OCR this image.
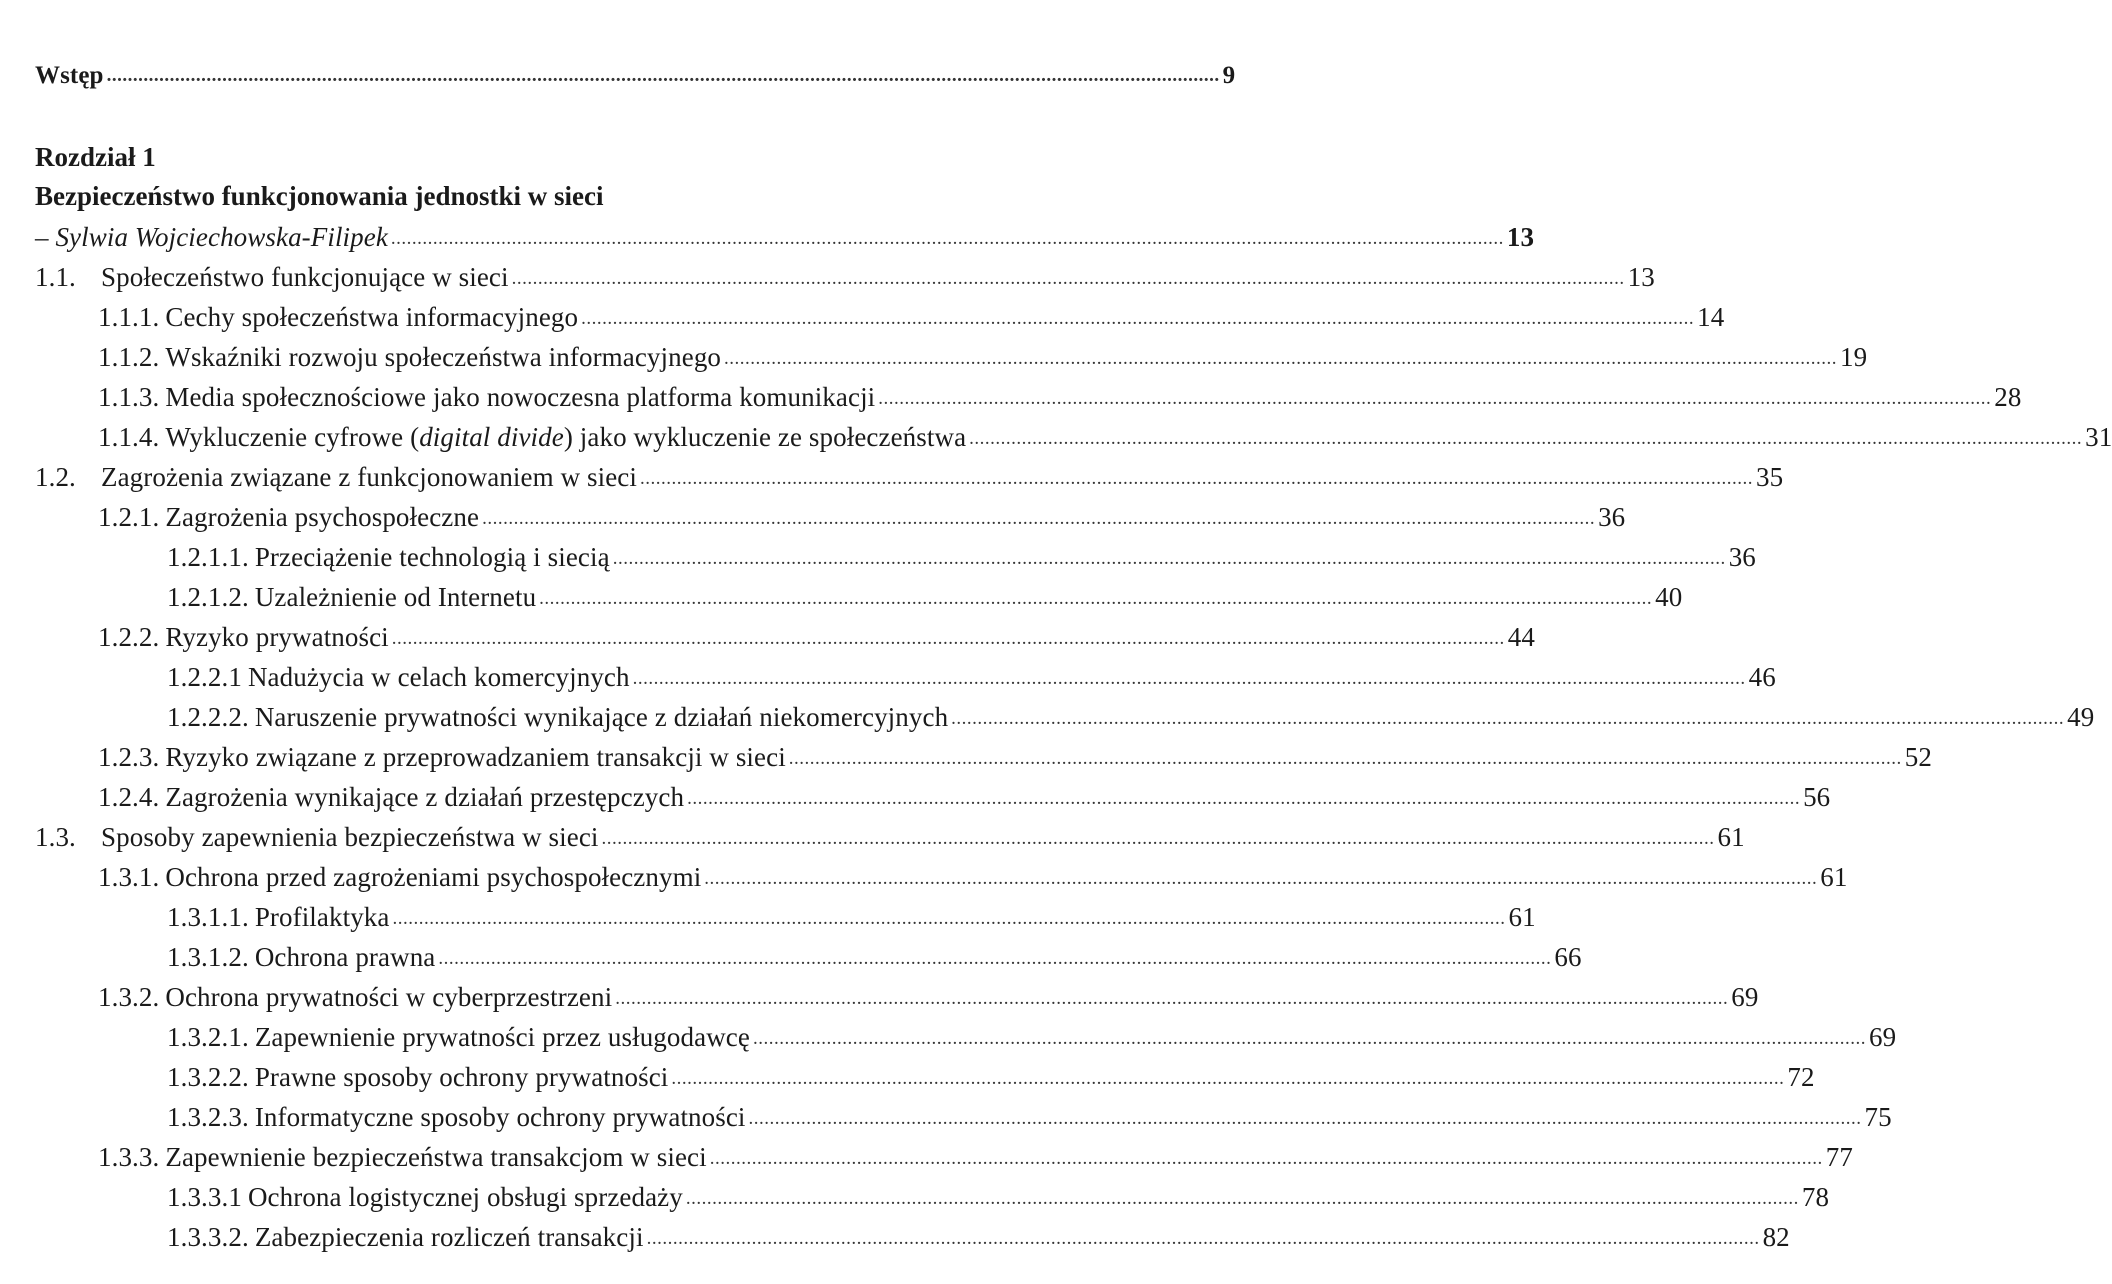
Wstęp .................................................................................................................................................................................................................... 9
Rozdział 1
Bezpieczeństwo funkcjonowania jednostki w sieci
– Sylwia Wojciechowska-Filipek .................................................................................................................................................................................................................... 13
1.1. Społeczeństwo funkcjonujące w sieci .................................................................................................................................................................................................................... 13
1.1.1. Cechy społeczeństwa informacyjnego .................................................................................................................................................................................................................... 14
1.1.2. Wskaźniki rozwoju społeczeństwa informacyjnego .................................................................................................................................................................................................................... 19
1.1.3. Media społecznościowe jako nowoczesna platforma komunikacji .................................................................................................................................................................................................................... 28
1.1.4. Wykluczenie cyfrowe (digital divide) jako wykluczenie ze społeczeństwa .................................................................................................................................................................................................................... 31
1.2. Zagrożenia związane z funkcjonowaniem w sieci .................................................................................................................................................................................................................... 35
1.2.1. Zagrożenia psychospołeczne .................................................................................................................................................................................................................... 36
1.2.1.1. Przeciążenie technologią i siecią .................................................................................................................................................................................................................... 36
1.2.1.2. Uzależnienie od Internetu .................................................................................................................................................................................................................... 40
1.2.2. Ryzyko prywatności .................................................................................................................................................................................................................... 44
1.2.2.1 Nadużycia w celach komercyjnych .................................................................................................................................................................................................................... 46
1.2.2.2. Naruszenie prywatności wynikające z działań niekomercyjnych .................................................................................................................................................................................................................... 49
1.2.3. Ryzyko związane z przeprowadzaniem transakcji w sieci .................................................................................................................................................................................................................... 52
1.2.4. Zagrożenia wynikające z działań przestępczych .................................................................................................................................................................................................................... 56
1.3. Sposoby zapewnienia bezpieczeństwa w sieci .................................................................................................................................................................................................................... 61
1.3.1. Ochrona przed zagrożeniami psychospołecznymi .................................................................................................................................................................................................................... 61
1.3.1.1. Profilaktyka .................................................................................................................................................................................................................... 61
1.3.1.2. Ochrona prawna .................................................................................................................................................................................................................... 66
1.3.2. Ochrona prywatności w cyberprzestrzeni .................................................................................................................................................................................................................... 69
1.3.2.1. Zapewnienie prywatności przez usługodawcę .................................................................................................................................................................................................................... 69
1.3.2.2. Prawne sposoby ochrony prywatności .................................................................................................................................................................................................................... 72
1.3.2.3. Informatyczne sposoby ochrony prywatności .................................................................................................................................................................................................................... 75
1.3.3. Zapewnienie bezpieczeństwa transakcjom w sieci .................................................................................................................................................................................................................... 77
1.3.3.1 Ochrona logistycznej obsługi sprzedaży .................................................................................................................................................................................................................... 78
1.3.3.2. Zabezpieczenia rozliczeń transakcji .................................................................................................................................................................................................................... 82
